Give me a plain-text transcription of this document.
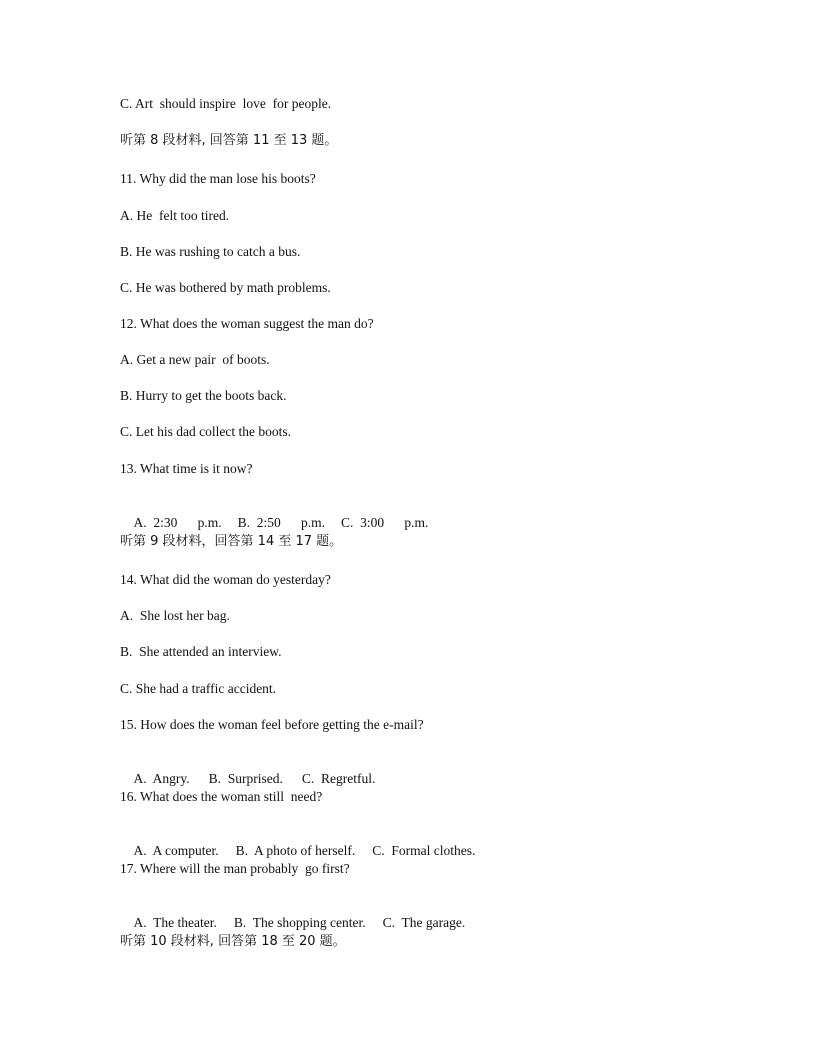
C. Art  should inspire  love  for people.
听第 8 段材料, 回答第 11 至 13 题。
11. Why did the man lose his boots?
A. He  felt too tired.
B. He was rushing to catch a bus.
C. He was bothered by math problems.
12. What does the woman suggest the man do?
A. Get a new pair  of boots.
B. Hurry to get the boots back.
C. Let his dad collect the boots.
13. What time is it now?

A.  2:30      p.m. B.  2:50      p.m. C.  3:00      p.m.

听第 9 段材料，回答第 14 至 17 题。
14. What did the woman do yesterday?
A.  She lost her bag.
B.  She attended an interview.
C. She had a traffic accident.
15. How does the woman feel before getting the e-mail?

A.  Angry. B.  Surprised. C.  Regretful.

16. What does the woman still  need?

A.  A computer. B.  A photo of herself. C.  Formal clothes.

17. Where will the man probably  go first?

A.  The theater. B.  The shopping center. C.  The garage.

听第 10 段材料, 回答第 18 至 20 题。
